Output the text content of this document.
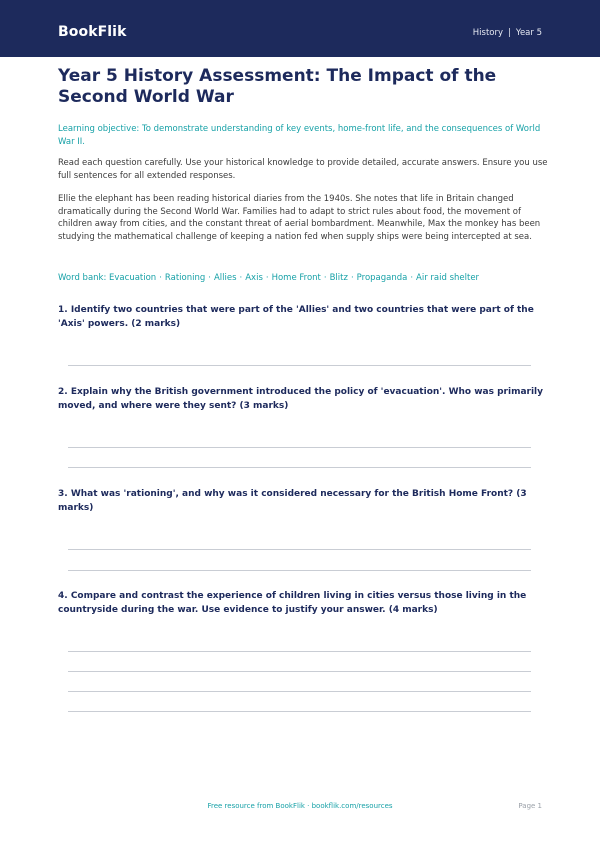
BookFlik	History | Year 5
Year 5 History Assessment: The Impact of the Second World War

Learning objective: To demonstrate understanding of key events, home-front life, and the consequences of World War II.

Read each question carefully. Use your historical knowledge to provide detailed, accurate answers. Ensure you use full sentences for all extended responses.

Ellie the elephant has been reading historical diaries from the 1940s. She notes that life in Britain changed dramatically during the Second World War. Families had to adapt to strict rules about food, the movement of children away from cities, and the constant threat of aerial bombardment. Meanwhile, Max the monkey has been studying the mathematical challenge of keeping a nation fed when supply ships were being intercepted at sea.

Word bank: Evacuation · Rationing · Allies · Axis · Home Front · Blitz · Propaganda · Air raid shelter

1. Identify two countries that were part of the 'Allies' and two countries that were part of the 'Axis' powers. (2 marks)

2. Explain why the British government introduced the policy of 'evacuation'. Who was primarily moved, and where were they sent? (3 marks)

3. What was 'rationing', and why was it considered necessary for the British Home Front? (3 marks)

4. Compare and contrast the experience of children living in cities versus those living in the countryside during the war. Use evidence to justify your answer. (4 marks)

Free resource from BookFlik · bookflik.com/resources	Page 1
